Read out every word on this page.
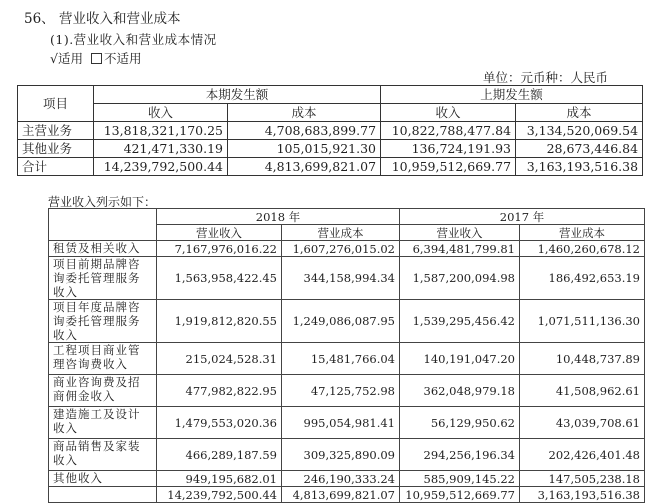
56、 营业收入和营业成本
(1).营业收入和营业成本情况
√适用 不适用
单位：元币种：人民币
项目	本期发生额		上期发生额	
	收入	成本	收入	成本
主营业务	13,818,321,170.25	4,708,683,899.77	10,822,788,477.84	3,134,520,069.54
其他业务	421,471,330.19	105,015,921.30	136,724,191.93	28,673,446.84
合计	14,239,792,500.44	4,813,699,821.07	10,959,512,669.77	3,163,193,516.38
营业收入列示如下：
	2018 年		2017 年	
	营业收入	营业成本	营业收入	营业成本
租赁及相关收入	7,167,976,016.22	1,607,276,015.02	6,394,481,799.81	1,460,260,678.12
项目前期品牌咨询委托管理服务收入	1,563,958,422.45	344,158,994.34	1,587,200,094.98	186,492,653.19
项目年度品牌咨询委托管理服务收入	1,919,812,820.55	1,249,086,087.95	1,539,295,456.42	1,071,511,136.30
工程项目商业管理咨询费收入	215,024,528.31	15,481,766.04	140,191,047.20	10,448,737.89
商业咨询费及招商佣金收入	477,982,822.95	47,125,752.98	362,048,979.18	41,508,962.61
建造施工及设计收入	1,479,553,020.36	995,054,981.41	56,129,950.62	43,039,708.61
商品销售及家装收入	466,289,187.59	309,325,890.09	294,256,196.34	202,426,401.48
其他收入	949,195,682.01	246,190,333.24	585,909,145.22	147,505,238.18
	14,239,792,500.44	4,813,699,821.07	10,959,512,669.77	3,163,193,516.38
